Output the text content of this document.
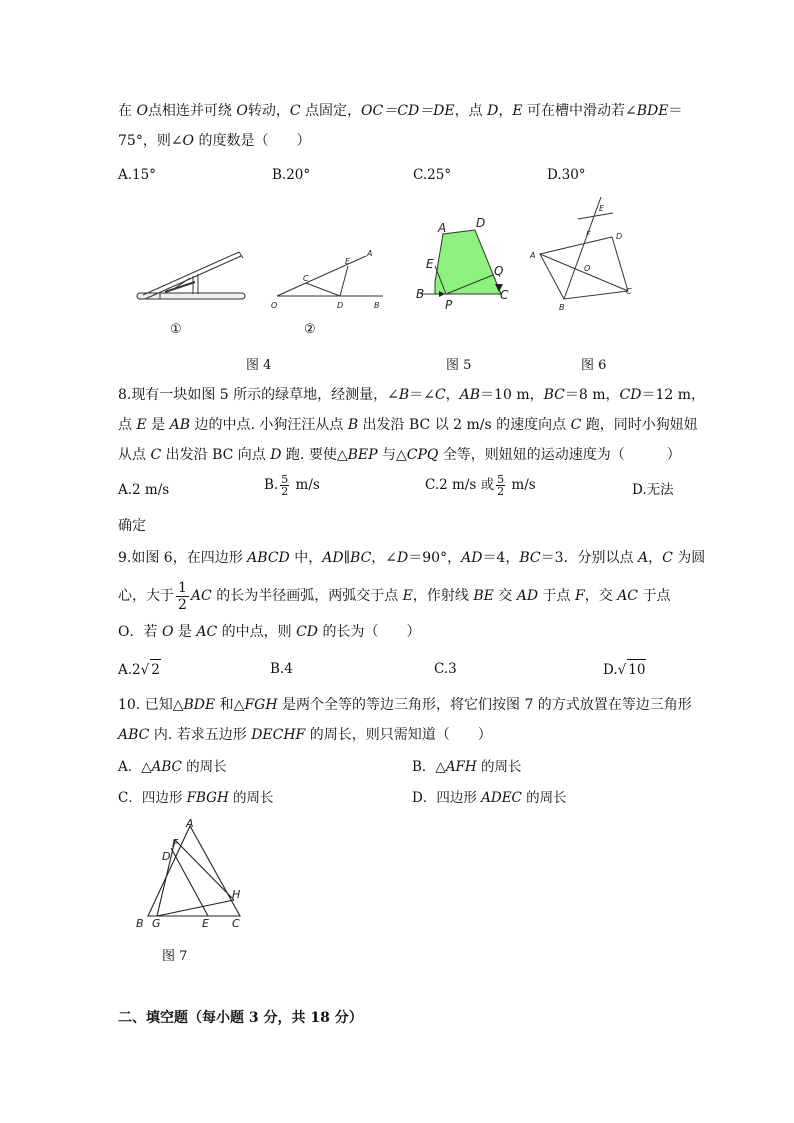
在 O点相连并可绕 O转动，C 点固定，OC＝CD＝DE，点 D，E 可在槽中滑动若∠BDE＝
75°，则∠O 的度数是（　　）
A.15°	B.20°	C.25°	D.30°
①
O
C
E
A
D	B
②
A D
E	Q
B
P
C
E
F	D
A
O
C
B
图 4	图 5	图 6
8.现有一块如图 5 所示的绿草地，经测量，∠B＝∠C，AB＝10 m，BC＝8 m，CD＝12 m，
点 E 是 AB 边的中点. 小狗汪汪从点 B 出发沿 BC 以 2 m/s 的速度向点 C 跑，同时小狗妞妞
从点 C 出发沿 BC 向点 D 跑. 要使△BEP 与△CPQ 全等，则妞妞的运动速度为（　　　）
A.2 m/s	B. $\frac{5}{2} m/s$	C.2 m/s 或 $\frac{5}{2} m/s$	D.无法
确定
9.如图 6，在四边形 ABCD 中，AD∥BC，∠D＝90°，AD＝4，BC＝3．分别以点 A，C 为圆
心，大于 $\frac{1}{2}$ AC 的长为半径画弧，两弧交于点 E，作射线 BE 交 AD 于点 F，交 AC 于点
O．若 O 是 AC 的中点，则 CD 的长为（　　）
A.2√ 2	B.4	C.3	D.√ 10
10. 已知△BDE 和△FGH 是两个全等的等边三角形，将它们按图 7 的方式放置在等边三角形
ABC 内. 若求五边形 DECHF 的周长，则只需知道（　　）
A．△ABC 的周长	B．△AFH 的周长
C．四边形 FBGH 的周长	D．四边形 ADEC 的周长
A
F
D
H
B G	E C
图 7
二、填空题（每小题 3 分，共 18 分）
